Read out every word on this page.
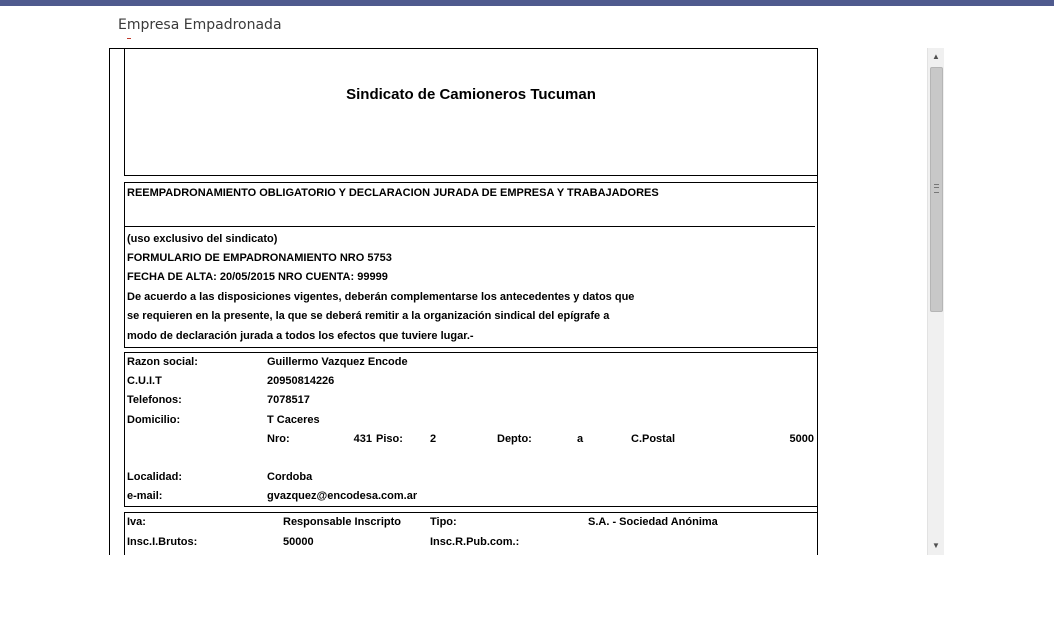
Empresa Empadronada
Sindicato de Camioneros Tucuman
REEMPADRONAMIENTO OBLIGATORIO Y DECLARACION JURADA DE EMPRESA Y TRABAJADORES
(uso exclusivo del sindicato)
FORMULARIO DE EMPADRONAMIENTO NRO 5753
FECHA DE ALTA: 20/05/2015 NRO CUENTA: 99999
De acuerdo a las disposiciones vigentes, deberán complementarse los antecedentes y datos que
se requieren en la presente, la que se deberá remitir a la organización sindical del epígrafe a
modo de declaración jurada a todos los efectos que tuviere lugar.-
Razon social:	Guillermo Vazquez Encode
C.U.I.T	20950814226
Telefonos:	7078517
Domicilio:	T Caceres
Nro:	431 Piso: 2	Depto:	a	C.Postal	5000
Localidad:	Cordoba
e-mail:	gvazquez@encodesa.com.ar
Iva:	Responsable Inscripto	Tipo:	S.A. - Sociedad Anónima
Insc.I.Brutos:	50000	Insc.R.Pub.com.:
▲
▼
